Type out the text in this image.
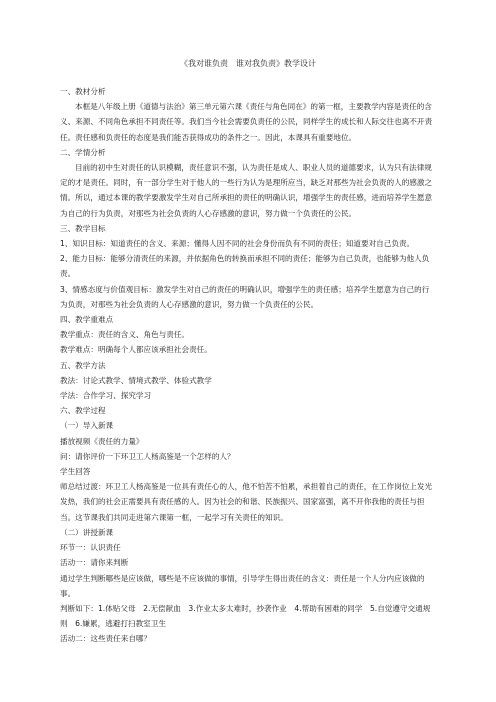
《我对谁负责　谁对我负责》教学设计

一、教材分析

本框是八年级上册《道德与法治》第三单元第六课《责任与角色同在》的第一框，主要教学内容是责任的含义、来源、不同角色承担不同责任等。我们当今社会需要负责任的公民，同样学生的成长和人际交往也离不开责任。责任感和负责任的态度是我们能否获得成功的条件之一。因此，本课具有重要地位。

二、学情分析

目前的初中生对责任的认识模糊，责任意识不强，认为责任是成人、职业人员的道德要求，认为只有法律规定的才是责任。同时，有一部分学生对于他人的一些行为认为是理所应当，缺乏对那些为社会负责的人的感激之情。所以，通过本课的教学要激发学生对自己所承担的责任的明确认识，增强学生的责任感，进而培养学生愿意为自己的行为负责，对那些为社会负责的人心存感激的意识，努力做一个负责任的公民。

三、教学目标

1、知识目标：知道责任的含义、来源；懂得人因不同的社会身份而负有不同的责任；知道要对自己负责。

2、能力目标：能够分清责任的来源，并依据角色的转换而承担不同的责任；能够为自己负责，也能够为他人负责。

3、情感态度与价值观目标：激发学生对自己的责任的明确认识，增强学生的责任感；培养学生愿意为自己的行为负责，对那些为社会负责的人心存感激的意识，努力做一个负责任的公民。

四、教学重难点

教学重点：责任的含义、角色与责任。

教学难点：明确每个人都应该承担社会责任。

五、教学方法

教法：讨论式教学、情境式教学、体验式教学

学法：合作学习、探究学习

六、教学过程

（一）导入新课

播放视频《责任的力量》

问：请你评价一下环卫工人杨高鉴是一个怎样的人？

学生回答

师总结过渡：环卫工人杨高鉴是一位具有责任心的人，他不怕苦不怕累，承担着自己的责任，在工作岗位上发光发热，我们的社会正需要具有责任感的人。因为社会的和谐、民族振兴、国家富强，离不开你我他的责任与担当。这节课我们共同走进第六课第一框，一起学习有关责任的知识。

（二）讲授新课

环节一：认识责任

活动一：请你来判断

通过学生判断哪些是应该做，哪些是不应该做的事情，引导学生得出责任的含义：责任是一个人分内应该做的事。

判断如下：1.体贴父母　2.无偿献血　3.作业太多太难时，抄袭作业　4.帮助有困难的同学　5.自觉遵守交通规则　6.嫌累，逃避打扫教室卫生

活动二：这些责任来自哪？
